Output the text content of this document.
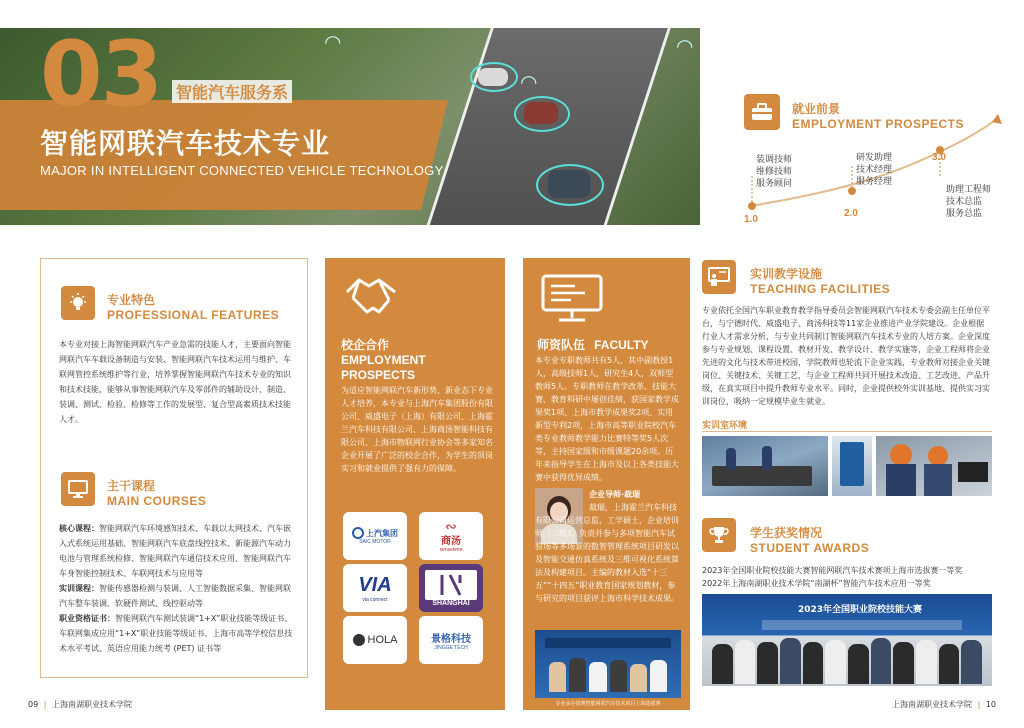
◠	◠
◠
03 智能汽车服务系
智能网联汽车技术专业
MAJOR IN INTELLIGENT CONNECTED VEHICLE TECHNOLOGY
就业前景
EMPLOYMENT PROSPECTS
1.0
2.0
3.0
装调技师
维修技师
服务顾问
研发助理
技术经理
服务经理
助理工程师
技术总监
服务总监
专业特色
PROFESSIONAL FEATURES
本专业对接上海智能网联汽车产业急需的技能人才，主要面向智能网联汽车车载设备制造与安装、智能网联汽车技术运用与维护、车联网管控系统维护等行业，培养掌握智能网联汽车技术专业的知识和技术技能，能够从事智能网联汽车及零部件的辅助设计、制造、装调、测试、检验、检修等工作的发展型、复合型高素质技术技能人才。
主干课程
MAIN COURSES
核心课程：智能网联汽车环境感知技术、车载以太网技术、汽车嵌入式系统运用基础、智能网联汽车底盘线控技术、新能源汽车动力电池与管理系统检修、智能网联汽车通信技术应用、智能网联汽车车身智能控制技术、车联网技术与应用等
实训课程：智能传感器检测与装调、人工智能数据采集、智能网联汽车整车装调、软硬件测试、线控驱动等
职业资格证书：智能网联汽车测试装调“1+X”职业技能等级证书、车联网集成应用“1+X”职业技能等级证书、上海市高等学校信息技术水平考试、英语应用能力统考 (PET) 证书等
校企合作
EMPLOYMENT
PROSPECTS
为适应智能网联汽车新形势、新业态下专业人才培养，本专业与上海汽车集团股份有限公司、威盛电子（上海）有限公司、上海霍兰汽车科技有限公司、上海商汤智能科技有限公司、上海市物联网行业协会等多家知名企业开展了广泛的校企合作，为学生的顶岗实习和就业提供了强有力的保障。
上汽集团
SAIC MOTOR
∾
商汤
sensetime
VIA
via connect	SHANGHAI
HOLA	景格科技
JINGGE TECH
师资队伍 FACULTY
本专业专职教师共有5人，其中副教授1人，高级技师1人，研究生4人，双师型教师5人。专职教师在教学改革、技能大赛、教育科研中屡创佳绩，获国家教学成果奖1项、上海市教学成果奖2项、实用新型专利2项，上海市高等职业院校汽车类专业教师教学能力比赛特等奖5人次等，主持国家级和市级课题20余项。历年来指导学生在上海市及以上各类技能大赛中获得优异成绩。
企业导师·裁瑞
裁瑞，上海霍兰汽车科技有限公司运营总监，工学硕士，企业培训师（二级）。负责并参与多项智能汽车试验场等多场景的数智管理系统项目研发以及智能交通仿真系统及三维可视化系统算法及构建项目。主编的教材入选“十三五”“十四五”职业教育国家规划教材，参与研究的项目获评上海市科学技术成果。
专业承办国赛智能网联汽车技术项目上海选拔赛
实训教学设施
TEACHING FACILITIES
专业依托全国汽车职业教育教学指导委员会智能网联汽车技术专委会副主任单位平台，与宁德时代、威盛电子、商汤科技等11家企业推进产业学院建设。企业根据行业人才需求分析，与专业共同制订智能网联汽车技术专业的人培方案。企业深度参与专业规划、课程设置、教材开发、教学设计、教学实施等，企业工程师将企业先进的文化与技术带进校园，学院教师也轮流下企业实践，专业教师对接企业关键岗位、关键技术、关键工艺，与企业工程师共同开展技术改造、工艺改进、产品升级，在真实项目中提升教师专业水平。同时，企业提供校外实训基地、提供实习实训岗位，吸纳一定规模毕业生就业。
实训室环境
学生获奖情况
STUDENT AWARDS
2023年全国职业院校技能大赛智能网联汽车技术赛项上海市选拔赛一等奖
2022年上海南湖职业技术学院“南湖杯”智能汽车技术应用一等奖
2023年全国职业院校技能大赛
09 | 上海南湖职业技术学院	上海南湖职业技术学院 | 10
